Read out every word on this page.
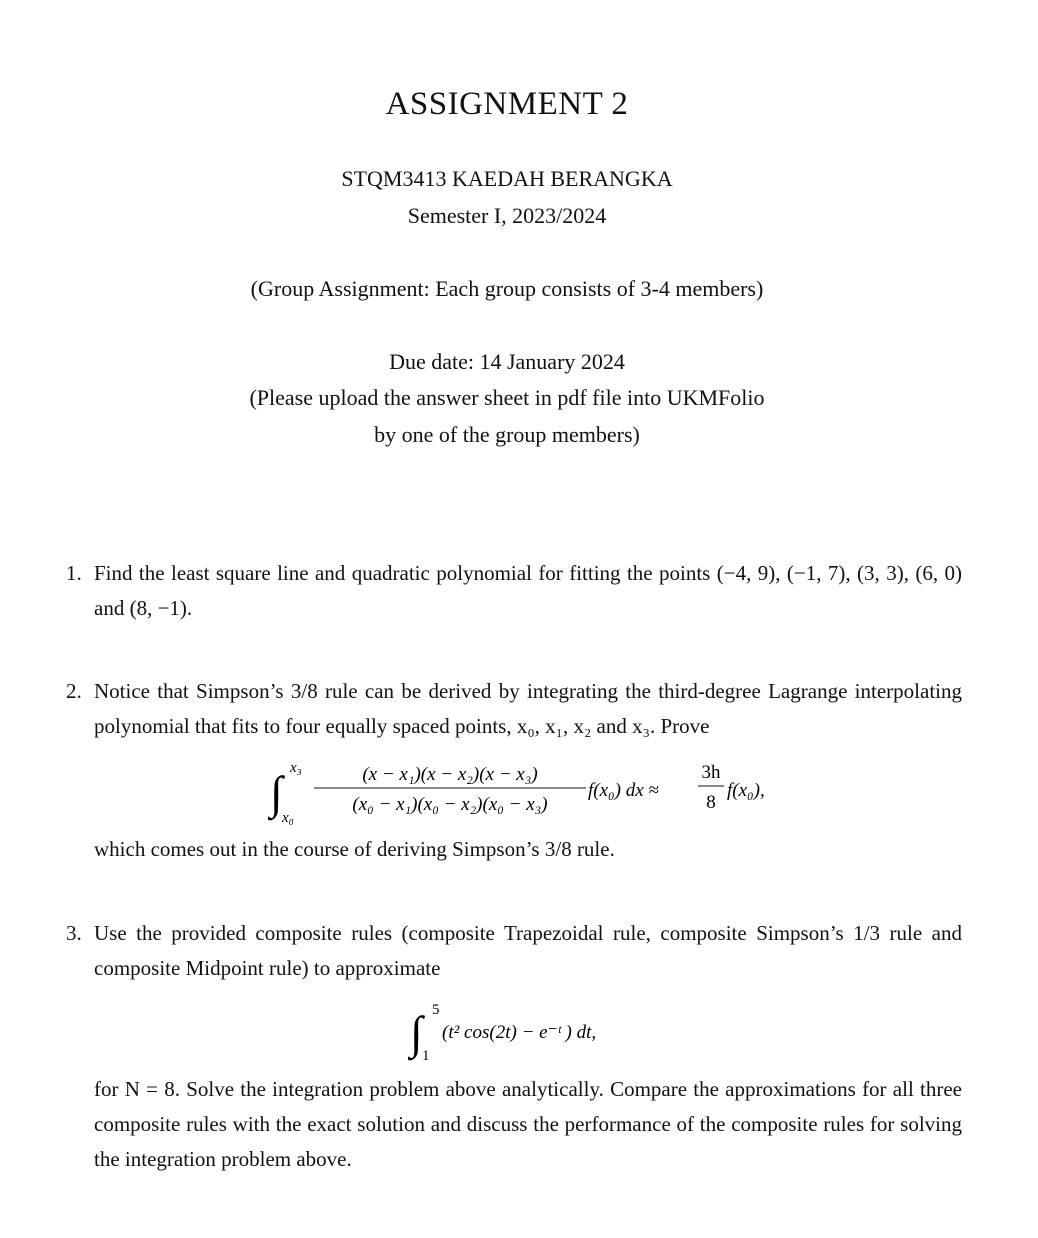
ASSIGNMENT 2
STQM3413 KAEDAH BERANGKA
Semester I, 2023/2024
(Group Assignment: Each group consists of 3-4 members)
Due date: 14 January 2024
(Please upload the answer sheet in pdf file into UKMFolio
by one of the group members)
1. Find the least square line and quadratic polynomial for fitting the points (−4, 9), (−1, 7), (3, 3), (6, 0) and (8, −1).
2. Notice that Simpson’s 3/8 rule can be derived by integrating the third-degree Lagrange interpolating polynomial that fits to four equally spaced points, x₀, x₁, x₂ and x₃. Prove
∫ x₃
x₀
(x − x₁)(x − x₂)(x − x₃)
(x₀ − x₁)(x₀ − x₂)(x₀ − x₃)
f(x₀) dx ≈
3h
8
f(x₀),
which comes out in the course of deriving Simpson’s 3/8 rule.
3. Use the provided composite rules (composite Trapezoidal rule, composite Simpson’s 1/3 rule and composite Midpoint rule) to approximate
∫ 5
1
(t² cos(2t) − e⁻ᵗ ) dt,
for N = 8. Solve the integration problem above analytically. Compare the approximations for all three composite rules with the exact solution and discuss the performance of the composite rules for solving the integration problem above.
